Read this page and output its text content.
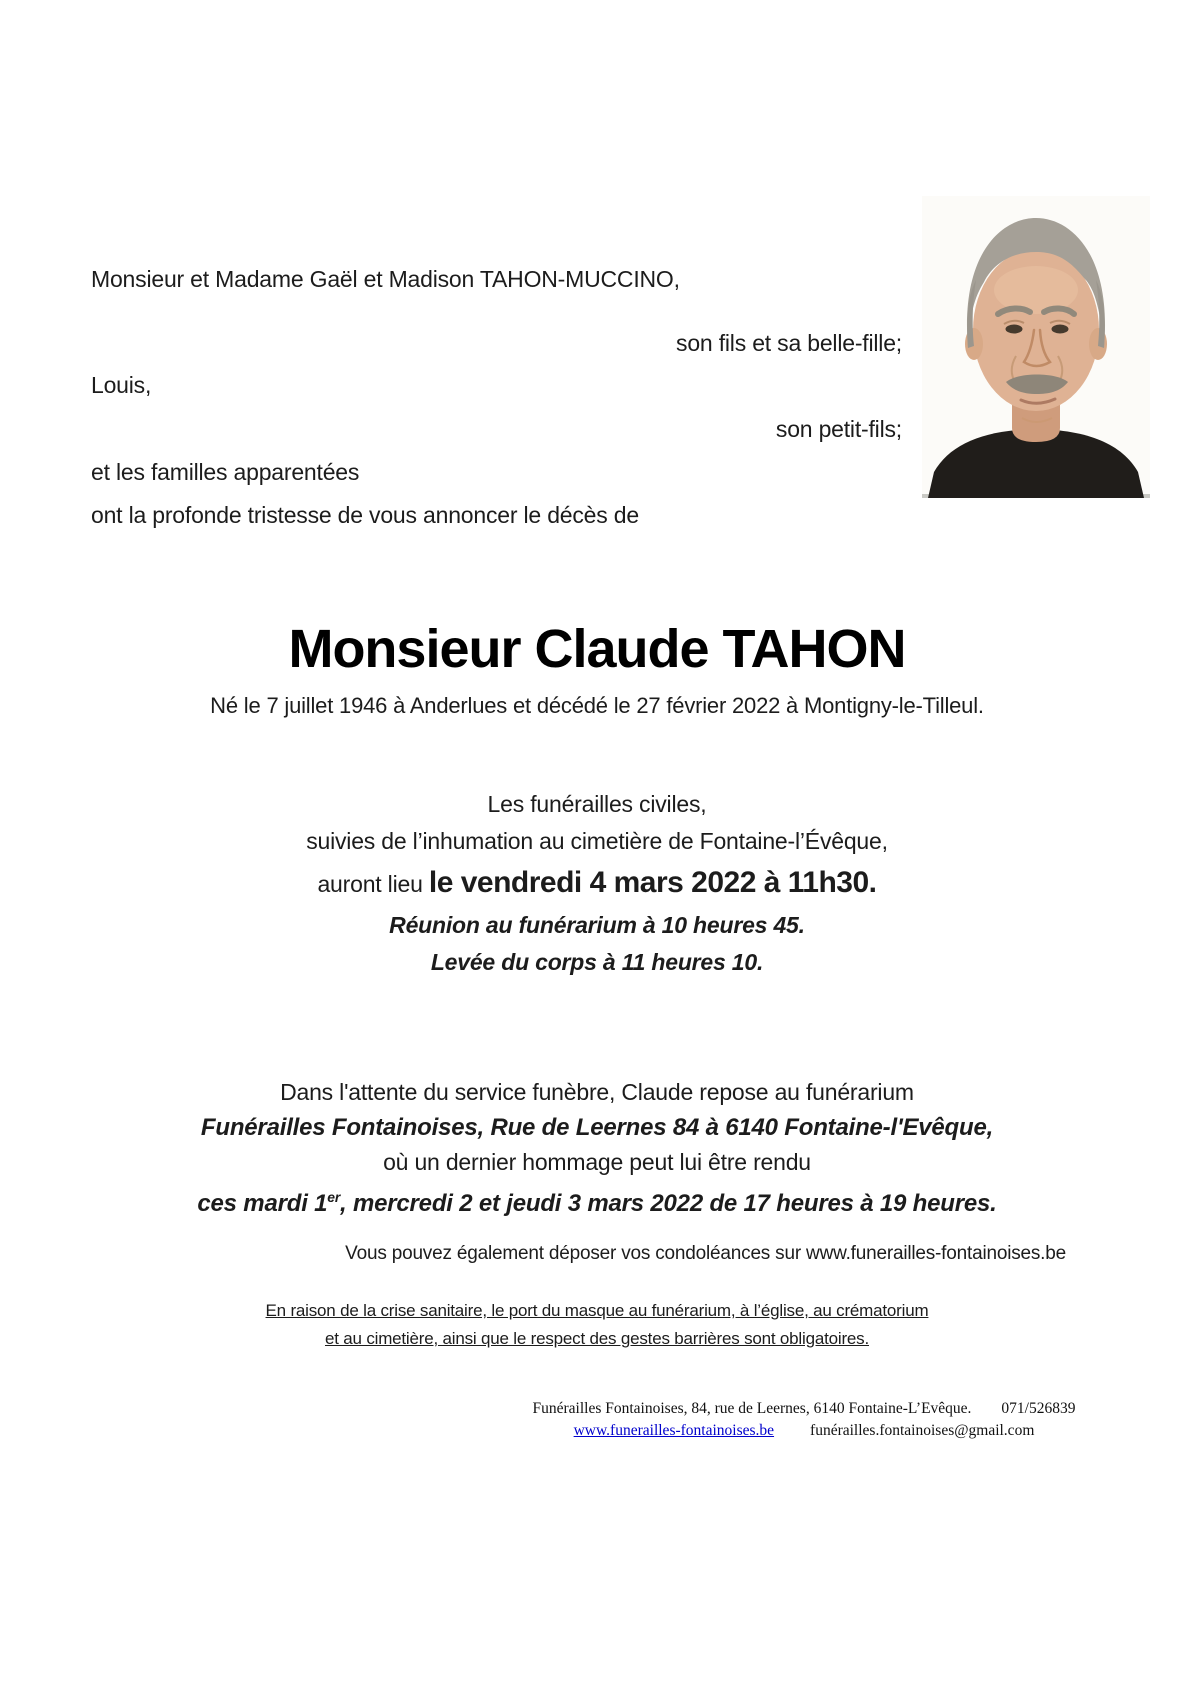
Monsieur et Madame Gaël et Madison TAHON-MUCCINO,
son fils et sa belle-fille;
Louis,
son petit-fils;
et les familles apparentées
ont la profonde tristesse de vous annoncer le décès de
Monsieur Claude TAHON
Né le 7 juillet 1946 à Anderlues et décédé le 27 février 2022 à Montigny-le-Tilleul.
Les funérailles civiles,
suivies de l’inhumation au cimetière de Fontaine-l’Évêque,
auront lieu le vendredi 4 mars 2022 à 11h30.
Réunion au funérarium à 10 heures 45.
Levée du corps à 11 heures 10.
Dans l'attente du service funèbre, Claude repose au funérarium
Funérailles Fontainoises, Rue de Leernes 84 à 6140 Fontaine-l'Evêque,
où un dernier hommage peut lui être rendu
ces mardi 1er, mercredi 2 et jeudi 3 mars 2022 de 17 heures à 19 heures.
Vous pouvez également déposer vos condoléances sur www.funerailles-fontainoises.be
En raison de la crise sanitaire, le port du masque au funérarium, à l’église, au crématorium
et au cimetière, ainsi que le respect des gestes barrières sont obligatoires.
Funérailles Fontainoises, 84, rue de Leernes, 6140 Fontaine-L’Evêque. 071/526839
www.funerailles-fontainoises.be funérailles.fontainoises@gmail.com
